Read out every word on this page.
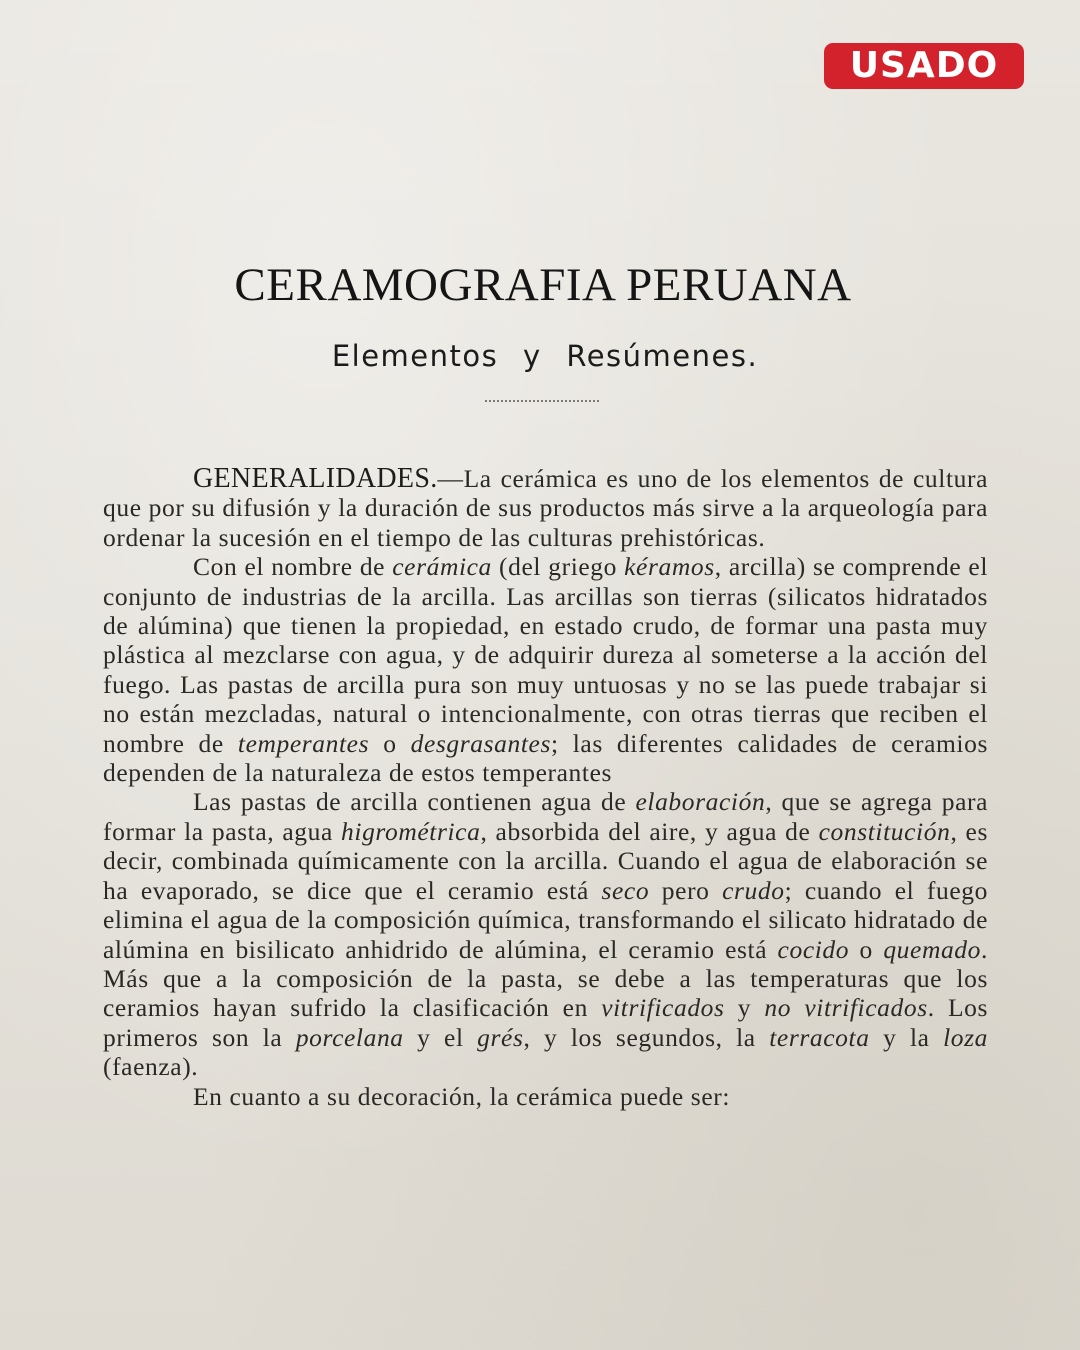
USADO
CERAMOGRAFIA PERUANA
Elementos y Resúmenes.

GENERALIDADES.—La cerámica es uno de los elementos de cultura que por su difusión y la duración de sus productos más sirve a la arqueología para ordenar la sucesión en el tiempo de las culturas prehistóricas.

Con el nombre de cerámica (del griego kéramos, arcilla) se comprende el conjunto de industrias de la arcilla. Las arcillas son tierras (silicatos hidratados de alúmina) que tienen la propiedad, en estado crudo, de formar una pasta muy plástica al mezclarse con agua, y de adquirir dureza al someterse a la acción del fuego. Las pastas de arcilla pura son muy untuosas y no se las puede trabajar si no están mezcladas, natural o intencionalmente, con otras tierras que reciben el nombre de temperantes o desgrasantes; las diferentes calidades de ceramios dependen de la naturaleza de estos temperantes

Las pastas de arcilla contienen agua de elaboración, que se agrega para formar la pasta, agua higrométrica, absorbida del aire, y agua de constitución, es decir, combinada químicamente con la arcilla. Cuando el agua de elaboración se ha evaporado, se dice que el ceramio está seco pero crudo; cuando el fuego elimina el agua de la composición química, transformando el silicato hidratado de alúmina en bisilicato anhidrido de alúmina, el ceramio está cocido o quemado. Más que a la composición de la pasta, se debe a las temperaturas que los ceramios hayan sufrido la clasificación en vitrificados y no vitrificados. Los primeros son la porcelana y el grés, y los segundos, la terracota y la loza (faenza).

En cuanto a su decoración, la cerámica puede ser:
